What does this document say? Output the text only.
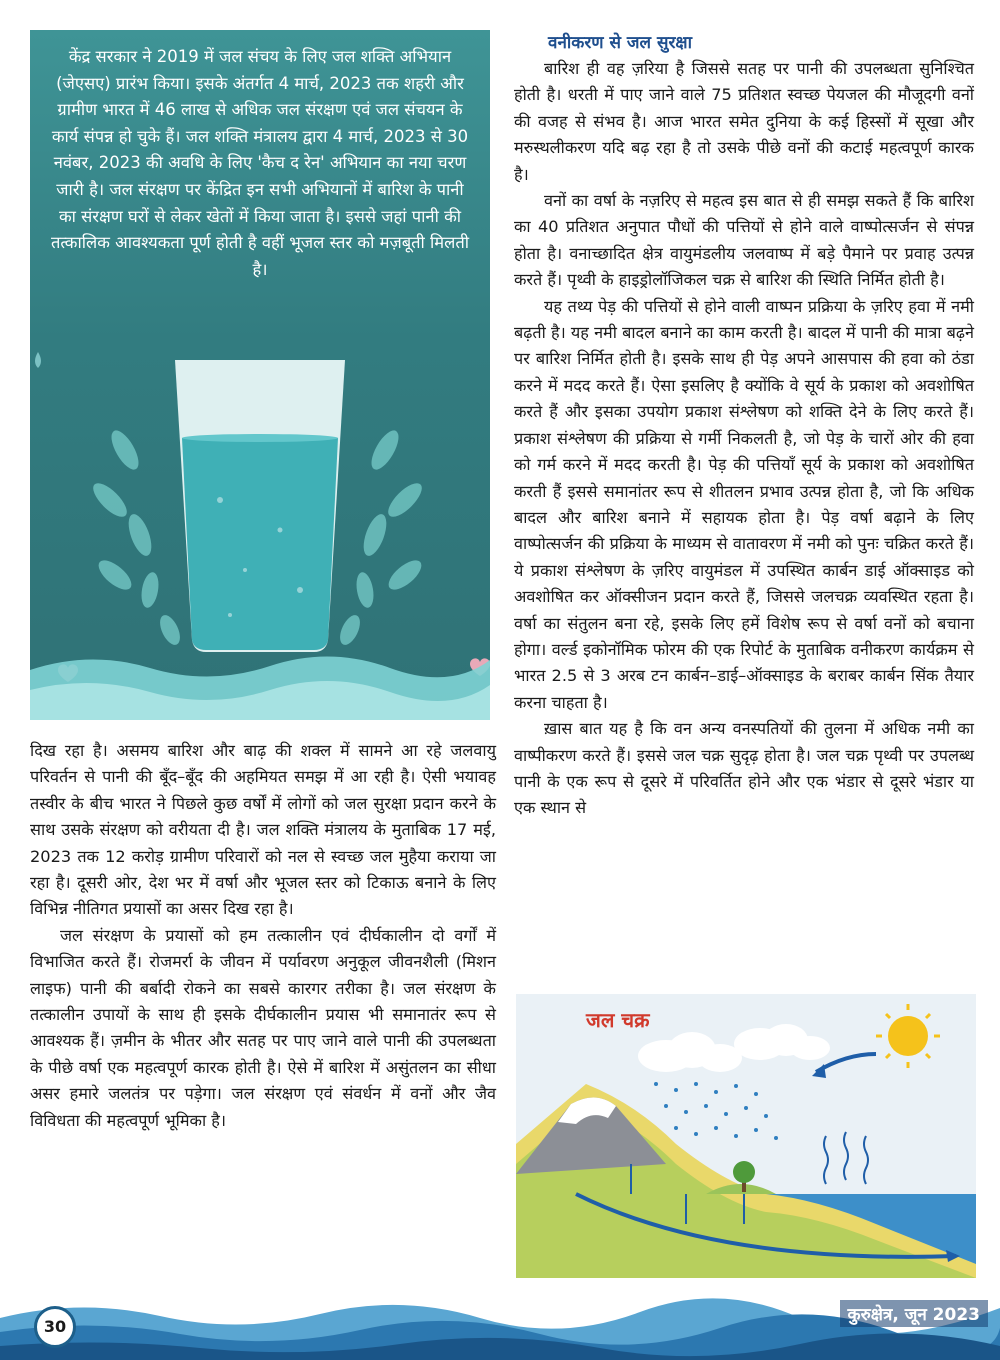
केंद्र सरकार ने 2019 में जल संचय के लिए जल शक्ति अभियान (जेएसए) प्रारंभ किया। इसके अंतर्गत 4 मार्च, 2023 तक शहरी और ग्रामीण भारत में 46 लाख से अधिक जल संरक्षण एवं जल संचयन के कार्य संपन्न हो चुके हैं। जल शक्ति मंत्रालय द्वारा 4 मार्च, 2023 से 30 नवंबर, 2023 की अवधि के लिए 'कैच द रेन' अभियान का नया चरण जारी है। जल संरक्षण पर केंद्रित इन सभी अभियानों में बारिश के पानी का संरक्षण घरों से लेकर खेतों में किया जाता है। इससे जहां पानी की तत्कालिक आवश्यकता पूर्ण होती है वहीं भूजल स्तर को मज़बूती मिलती है।

दिख रहा है। असमय बारिश और बाढ़ की शक्ल में सामने आ रहे जलवायु परिवर्तन से पानी की बूँद–बूँद की अहमियत समझ में आ रही है। ऐसी भयावह तस्वीर के बीच भारत ने पिछले कुछ वर्षों में लोगों को जल सुरक्षा प्रदान करने के साथ उसके संरक्षण को वरीयता दी है। जल शक्ति मंत्रालय के मुताबिक 17 मई, 2023 तक 12 करोड़ ग्रामीण परिवारों को नल से स्वच्छ जल मुहैया कराया जा रहा है। दूसरी ओर, देश भर में वर्षा और भूजल स्तर को टिकाऊ बनाने के लिए विभिन्न नीतिगत प्रयासों का असर दिख रहा है।

जल संरक्षण के प्रयासों को हम तत्कालीन एवं दीर्घकालीन दो वर्गों में विभाजित करते हैं। रोजमर्रा के जीवन में पर्यावरण अनुकूल जीवनशैली (मिशन लाइफ) पानी की बर्बादी रोकने का सबसे कारगर तरीका है। जल संरक्षण के तत्कालीन उपायों के साथ ही इसके दीर्घकालीन प्रयास भी समानातंर रूप से आवश्यक हैं। ज़मीन के भीतर और सतह पर पाए जाने वाले पानी की उपलब्धता के पीछे वर्षा एक महत्वपूर्ण कारक होती है। ऐसे में बारिश में असुंतलन का सीधा असर हमारे जलतंत्र पर पड़ेगा। जल संरक्षण एवं संवर्धन में वनों और जैव विविधता की महत्वपूर्ण भूमिका है।

वनीकरण से जल सुरक्षा

बारिश ही वह ज़रिया है जिससे सतह पर पानी की उपलब्धता सुनिश्चित होती है। धरती में पाए जाने वाले 75 प्रतिशत स्वच्छ पेयजल की मौजूदगी वनों की वजह से संभव है। आज भारत समेत दुनिया के कई हिस्सों में सूखा और मरुस्थलीकरण यदि बढ़ रहा है तो उसके पीछे वनों की कटाई महत्वपूर्ण कारक है।

वनों का वर्षा के नज़रिए से महत्व इस बात से ही समझ सकते हैं कि बारिश का 40 प्रतिशत अनुपात पौधों की पत्तियों से होने वाले वाष्पोत्सर्जन से संपन्न होता है। वनाच्छादित क्षेत्र वायुमंडलीय जलवाष्प में बड़े पैमाने पर प्रवाह उत्पन्न करते हैं। पृथ्वी के हाइड्रोलॉजिकल चक्र से बारिश की स्थिति निर्मित होती है।

यह तथ्य पेड़ की पत्तियों से होने वाली वाष्पन प्रक्रिया के ज़रिए हवा में नमी बढ़ती है। यह नमी बादल बनाने का काम करती है। बादल में पानी की मात्रा बढ़ने पर बारिश निर्मित होती है। इसके साथ ही पेड़ अपने आसपास की हवा को ठंडा करने में मदद करते हैं। ऐसा इसलिए है क्योंकि वे सूर्य के प्रकाश को अवशोषित करते हैं और इसका उपयोग प्रकाश संश्लेषण को शक्ति देने के लिए करते हैं। प्रकाश संश्लेषण की प्रक्रिया से गर्मी निकलती है, जो पेड़ के चारों ओर की हवा को गर्म करने में मदद करती है। पेड़ की पत्तियाँ सूर्य के प्रकाश को अवशोषित करती हैं इससे समानांतर रूप से शीतलन प्रभाव उत्पन्न होता है, जो कि अधिक बादल और बारिश बनाने में सहायक होता है। पेड़ वर्षा बढ़ाने के लिए वाष्पोत्सर्जन की प्रक्रिया के माध्यम से वातावरण में नमी को पुनः चक्रित करते हैं। ये प्रकाश संश्लेषण के ज़रिए वायुमंडल में उपस्थित कार्बन डाई ऑक्साइड को अवशोषित कर ऑक्सीजन प्रदान करते हैं, जिससे जलचक्र व्यवस्थित रहता है। वर्षा का संतुलन बना रहे, इसके लिए हमें विशेष रूप से वर्षा वनों को बचाना होगा। वर्ल्ड इकोनॉमिक फोरम की एक रिपोर्ट के मुताबिक वनीकरण कार्यक्रम से भारत 2.5 से 3 अरब टन कार्बन–डाई–ऑक्साइड के बराबर कार्बन सिंक तैयार करना चाहता है।

ख़ास बात यह है कि वन अन्य वनस्पतियों की तुलना में अधिक नमी का वाष्पीकरण करते हैं। इससे जल चक्र सुदृढ़ होता है। जल चक्र पृथ्वी पर उपलब्ध पानी के एक रूप से दूसरे में परिवर्तित होने और एक भंडार से दूसरे भंडार या एक स्थान से

जल चक्र
30
कुरुक्षेत्र, जून 2023
